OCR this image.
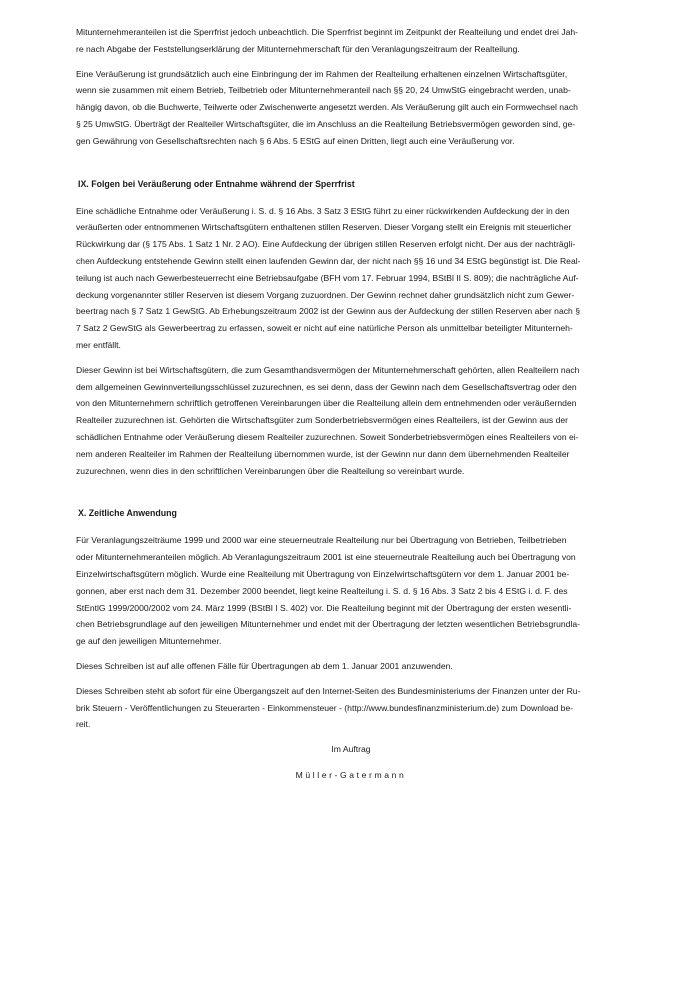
Mitunternehmeranteilen ist die Sperrfrist jedoch unbeachtlich. Die Sperrfrist beginnt im Zeitpunkt der Realteilung und endet drei Jah-
re nach Abgabe der Feststellungserklärung der Mitunternehmerschaft für den Veranlagungszeitraum der Realteilung.

Eine Veräußerung ist grundsätzlich auch eine Einbringung der im Rahmen der Realteilung erhaltenen einzelnen Wirtschaftsgüter,
wenn sie zusammen mit einem Betrieb, Teilbetrieb oder Mitunternehmeranteil nach §§ 20, 24 UmwStG eingebracht werden, unab-
hängig davon, ob die Buchwerte, Teilwerte oder Zwischenwerte angesetzt werden. Als Veräußerung gilt auch ein Formwechsel nach
§ 25 UmwStG. Überträgt der Realteiler Wirtschaftsgüter, die im Anschluss an die Realteilung Betriebsvermögen geworden sind, ge-
gen Gewährung von Gesellschaftsrechten nach § 6 Abs. 5 EStG auf einen Dritten, liegt auch eine Veräußerung vor.

IX. Folgen bei Veräußerung oder Entnahme während der Sperrfrist

Eine schädliche Entnahme oder Veräußerung i. S. d. § 16 Abs. 3 Satz 3 EStG führt zu einer rückwirkenden Aufdeckung der in den
veräußerten oder entnommenen Wirtschaftsgütern enthaltenen stillen Reserven. Dieser Vorgang stellt ein Ereignis mit steuerlicher
Rückwirkung dar (§ 175 Abs. 1 Satz 1 Nr. 2 AO). Eine Aufdeckung der übrigen stillen Reserven erfolgt nicht. Der aus der nachträgli-
chen Aufdeckung entstehende Gewinn stellt einen laufenden Gewinn dar, der nicht nach §§ 16 und 34 EStG begünstigt ist. Die Real-
teilung ist auch nach Gewerbesteuerrecht eine Betriebsaufgabe (BFH vom 17. Februar 1994, BStBl II S. 809); die nachträgliche Auf-
deckung vorgenannter stiller Reserven ist diesem Vorgang zuzuordnen. Der Gewinn rechnet daher grundsätzlich nicht zum Gewer-
beertrag nach § 7 Satz 1 GewStG. Ab Erhebungszeitraum 2002 ist der Gewinn aus der Aufdeckung der stillen Reserven aber nach §
7 Satz 2 GewStG als Gewerbeertrag zu erfassen, soweit er nicht auf eine natürliche Person als unmittelbar beteiligter Mitunterneh-
mer entfällt.

Dieser Gewinn ist bei Wirtschaftsgütern, die zum Gesamthandsvermögen der Mitunternehmerschaft gehörten, allen Realteilern nach
dem allgemeinen Gewinnverteilungsschlüssel zuzurechnen, es sei denn, dass der Gewinn nach dem Gesellschaftsvertrag oder den
von den Mitunternehmern schriftlich getroffenen Vereinbarungen über die Realteilung allein dem entnehmenden oder veräußernden
Realteiler zuzurechnen ist. Gehörten die Wirtschaftsgüter zum Sonderbetriebsvermögen eines Realteilers, ist der Gewinn aus der
schädlichen Entnahme oder Veräußerung diesem Realteiler zuzurechnen. Soweit Sonderbetriebsvermögen eines Realteilers von ei-
nem anderen Realteiler im Rahmen der Realteilung übernommen wurde, ist der Gewinn nur dann dem übernehmenden Realteiler
zuzurechnen, wenn dies in den schriftlichen Vereinbarungen über die Realteilung so vereinbart wurde.

X. Zeitliche Anwendung

Für Veranlagungszeiträume 1999 und 2000 war eine steuerneutrale Realteilung nur bei Übertragung von Betrieben, Teilbetrieben
oder Mitunternehmeranteilen möglich. Ab Veranlagungszeitraum 2001 ist eine steuerneutrale Realteilung auch bei Übertragung von
Einzelwirtschaftsgütern möglich. Wurde eine Realteilung mit Übertragung von Einzelwirtschaftsgütern vor dem 1. Januar 2001 be-
gonnen, aber erst nach dem 31. Dezember 2000 beendet, liegt keine Realteilung i. S. d. § 16 Abs. 3 Satz 2 bis 4 EStG i. d. F. des
StEntlG 1999/2000/2002 vom 24. März 1999 (BStBl I S. 402) vor. Die Realteilung beginnt mit der Übertragung der ersten wesentli-
chen Betriebsgrundlage auf den jeweiligen Mitunternehmer und endet mit der Übertragung der letzten wesentlichen Betriebsgrundla-
ge auf den jeweiligen Mitunternehmer.

Dieses Schreiben ist auf alle offenen Fälle für Übertragungen ab dem 1. Januar 2001 anzuwenden.

Dieses Schreiben steht ab sofort für eine Übergangszeit auf den Internet-Seiten des Bundesministeriums der Finanzen unter der Ru-
brik Steuern - Veröffentlichungen zu Steuerarten - Einkommensteuer - (http://www.bundesfinanzministerium.de) zum Download be-
reit.

Im Auftrag

Müller-Gatermann
